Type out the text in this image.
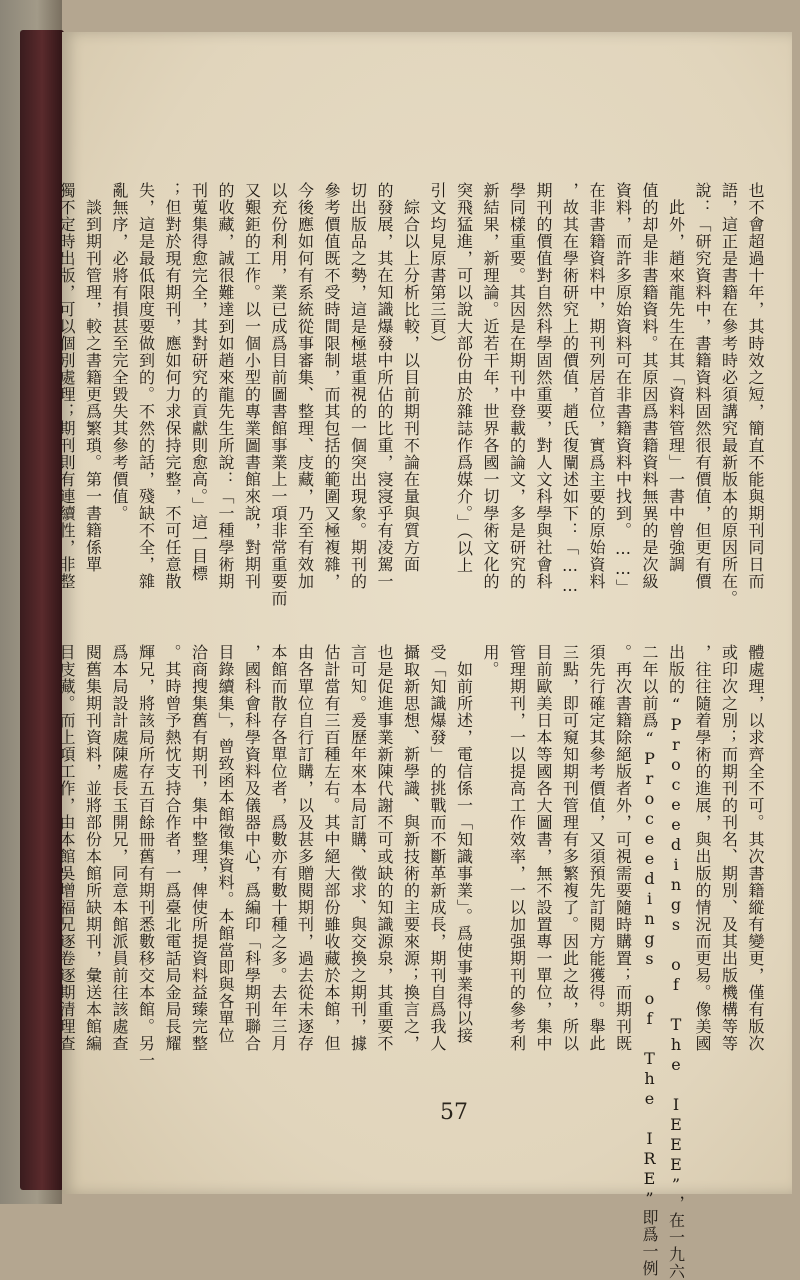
也不會超過十年，其時效之短，簡直不能與期刊同日而
語，這正是書籍在參考時必須講究最新版本的原因所在。
說：「研究資料中，書籍資料固然很有價值，但更有價
　此外，趙來龍先生在其「資料管理」一書中曾強調
值的却是非書籍資料。其原因爲書籍資料無異的是次級
資料，而許多原始資料可在非書籍資料中找到。……」
在非書籍資料中，期刊列居首位，實爲主要的原始資料
，故其在學術研究上的價值，趙氏復闡述如下：「……
期刊的價值對自然科學固然重要，對人文科學與社會科
學同樣重要。其因是在期刊中登載的論文，多是研究的
新結果，新理論。近若干年，世界各國一切學術文化的
突飛猛進，可以說大部份由於雜誌作爲媒介。」（以上
引文均見原書第三頁）
　綜合以上分析比較，以目前期刊不論在量與質方面
的發展，其在知識爆發中所佔的比重，寖寖乎有凌駕一
切出版品之勢，這是極堪重視的一個突出現象。期刊的
參考價值既不受時間限制，而其包括的範圍又極複雜，
今後應如何有系統從事審集、整理、庋藏，乃至有效加
以充份利用，業已成爲目前圖書館事業上一項非常重要而
又艱鉅的工作。以一個小型的專業圖書館來說，對期刊
的收藏，誠很難達到如趙來龍先生所說：「一種學術期
刊蒐集得愈完全，其對研究的貢獻則愈高。」這一目標
；但對於現有期刊，應如何力求保持完整，不可任意散
失，這是最低限度要做到的。不然的話，殘缺不全，雜
亂無序，必將有損甚至完全毀失其參考價值。
　談到期刊管理，較之書籍更爲繁瑣。第一書籍係單
獨不定時出版，可以個別處理；期刊則有連續性，非整
體處理，以求齊全不可。其次書籍縱有變更，僅有版次
或印次之別；而期刊的刊名、期別、及其出版機構等等
，往往隨着學術的進展，與出版的情況而更易。像美國
出版的“Proceedings of The IEEE”，在一九六
二年以前爲“Proceedings of The IRE”即爲一例
。再次書籍除絕版者外，可視需要隨時購置；而期刊既
須先行確定其參考價值，又須預先訂閱方能獲得。舉此
三點，即可窺知期刊管理有多繁複了。因此之故，所以
目前歐美日本等國各大圖書，無不設置專一單位，集中
管理期刊，一以提高工作效率，一以加强期刊的參考利
用。
　如前所述，電信係一「知識事業」。爲使事業得以接
受「知識爆發」的挑戰而不斷革新成長，期刊自爲我人
攝取新思想、新學識、與新技術的主要來源；換言之，
也是促進事業新陳代謝不可或缺的知識源泉，其重要不
言可知。爰歷年來本局訂購、徵求、與交換之期刊，據
估計當有三百種左右。其中絕大部份雖收藏於本館，但
由各單位自行訂購，以及甚多贈閱期刊，過去從未逐存
本館而散存各單位者，爲數亦有數十種之多。去年三月
，國科會科學資料及儀器中心，爲編印「科學期刊聯合
目錄續集」，曾致函本館徵集資料。本館當即與各單位
洽商搜集舊有期刊，集中整理，俾使所提資料益臻完整
。其時曾予熱忱支持合作者，一爲臺北電話局金局長耀
輝兄，將該局所存五百餘冊舊有期刊悉數移交本館。另一
爲本局設計處陳處長玉開兄，同意本館派員前往該處查
閱舊集期刊資料，並將部份本館所缺期刊，彙送本館編
目庋藏。而上項工作，由本館吳增福兄逐卷逐期清理查
57
